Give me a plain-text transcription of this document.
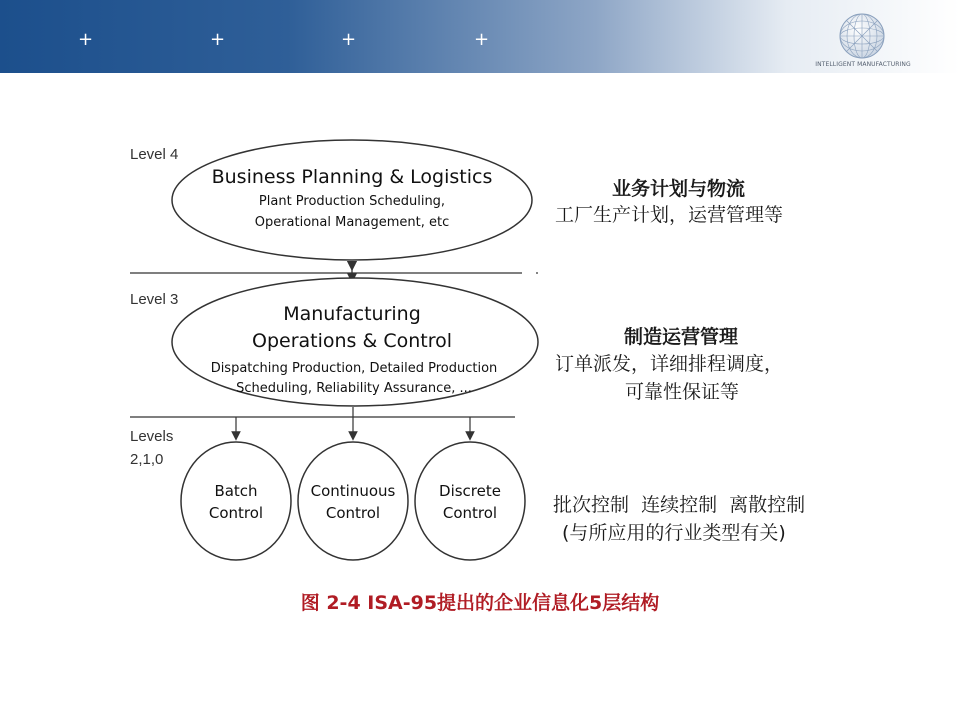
+	+	+	+
INTELLIGENT MANUFACTURING
Level 4
Business Planning & Logistics
Plant Production Scheduling,
Operational Management, etc
Level 3
Manufacturing
Operations & Control
Dispatching Production, Detailed Production
Scheduling, Reliability Assurance, ...
Levels
2,1,0
Batch
Control
Continuous
Control
Discrete
Control
业务计划与物流
工厂生产计划，运营管理等
制造运营管理
订单派发，详细排程调度，
可靠性保证等
批次控制  连续控制  离散控制
(与所应用的行业类型有关)
图 2-4 ISA-95提出的企业信息化5层结构
